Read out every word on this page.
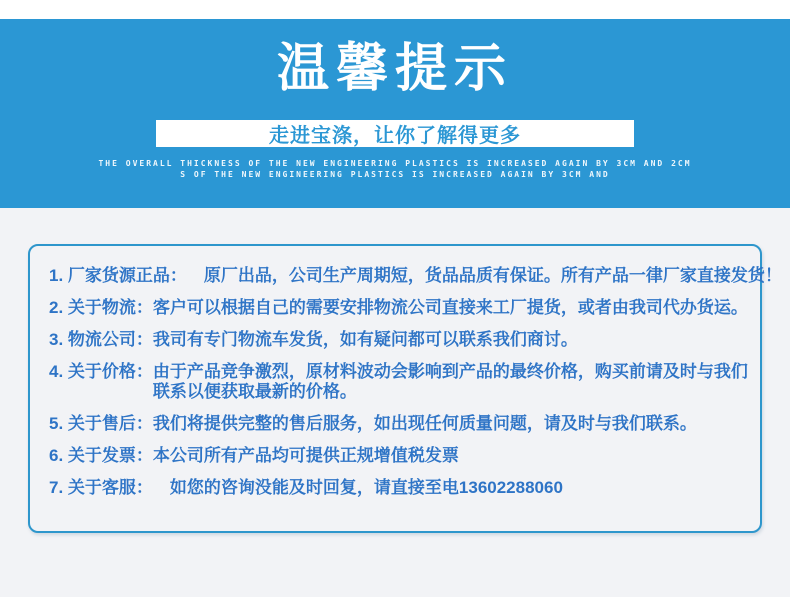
温馨提示
走进宝涤，让你了解得更多
THE OVERALL THICKNESS OF THE NEW ENGINEERING PLASTICS IS INCREASED AGAIN BY 3CM AND 2CM
S OF THE NEW ENGINEERING PLASTICS IS INCREASED AGAIN BY 3CM AND
1. 厂家货源正品： 　原厂出品，公司生产周期短，货品品质有保证。所有产品一律厂家直接发货！
2. 关于物流： 客户可以根据自己的需要安排物流公司直接来工厂提货，或者由我司代办货运。
3. 物流公司： 我司有专门物流车发货，如有疑问都可以联系我们商讨。
4. 关于价格： 由于产品竞争激烈，原材料波动会影响到产品的最终价格，购买前请及时与我们
联系以便获取最新的价格。
5. 关于售后： 我们将提供完整的售后服务，如出现任何质量问题，请及时与我们联系。
6. 关于发票： 本公司所有产品均可提供正规增值税发票
7. 关于客服： 　如您的咨询没能及时回复，请直接至电13602288060
